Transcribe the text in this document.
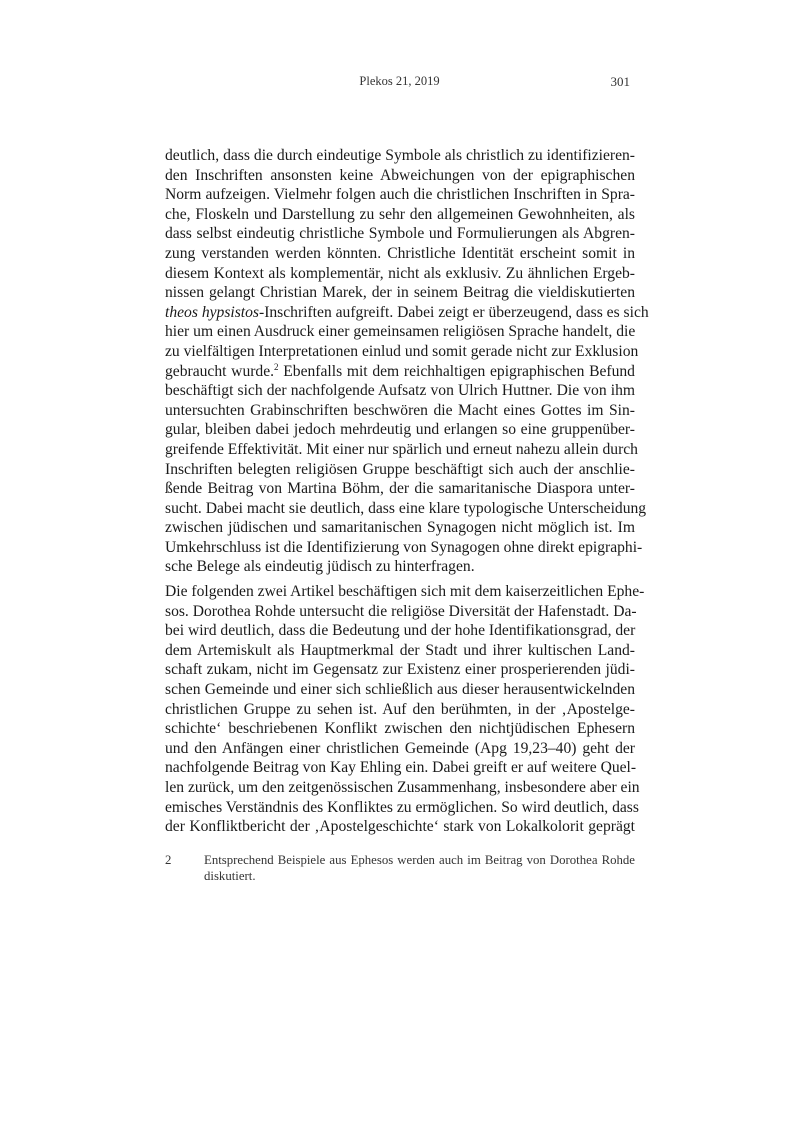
Plekos 21, 2019	301
deutlich, dass die durch eindeutige Symbole als christlich zu identifizieren-
den Inschriften ansonsten keine Abweichungen von der epigraphischen
Norm aufzeigen. Vielmehr folgen auch die christlichen Inschriften in Spra-
che, Floskeln und Darstellung zu sehr den allgemeinen Gewohnheiten, als
dass selbst eindeutig christliche Symbole und Formulierungen als Abgren-
zung verstanden werden könnten. Christliche Identität erscheint somit in
diesem Kontext als komplementär, nicht als exklusiv. Zu ähnlichen Ergeb-
nissen gelangt Christian Marek, der in seinem Beitrag die vieldiskutierten
theos hypsistos-Inschriften aufgreift. Dabei zeigt er überzeugend, dass es sich
hier um einen Ausdruck einer gemeinsamen religiösen Sprache handelt, die
zu vielfältigen Interpretationen einlud und somit gerade nicht zur Exklusion
gebraucht wurde.$^2$ Ebenfalls mit dem reichhaltigen epigraphischen Befund
beschäftigt sich der nachfolgende Aufsatz von Ulrich Huttner. Die von ihm
untersuchten Grabinschriften beschwören die Macht eines Gottes im Sin-
gular, bleiben dabei jedoch mehrdeutig und erlangen so eine gruppenüber-
greifende Effektivität. Mit einer nur spärlich und erneut nahezu allein durch
Inschriften belegten religiösen Gruppe beschäftigt sich auch der anschlie-
ßende Beitrag von Martina Böhm, der die samaritanische Diaspora unter-
sucht. Dabei macht sie deutlich, dass eine klare typologische Unterscheidung
zwischen jüdischen und samaritanischen Synagogen nicht möglich ist. Im
Umkehrschluss ist die Identifizierung von Synagogen ohne direkt epigraphi-
sche Belege als eindeutig jüdisch zu hinterfragen.
Die folgenden zwei Artikel beschäftigen sich mit dem kaiserzeitlichen Ephe-
sos. Dorothea Rohde untersucht die religiöse Diversität der Hafenstadt. Da-
bei wird deutlich, dass die Bedeutung und der hohe Identifikationsgrad, der
dem Artemiskult als Hauptmerkmal der Stadt und ihrer kultischen Land-
schaft zukam, nicht im Gegensatz zur Existenz einer prosperierenden jüdi-
schen Gemeinde und einer sich schließlich aus dieser herausentwickelnden
christlichen Gruppe zu sehen ist. Auf den berühmten, in der ‚Apostelge-
schichte‘ beschriebenen Konflikt zwischen den nichtjüdischen Ephesern
und den Anfängen einer christlichen Gemeinde (Apg 19,23–40) geht der
nachfolgende Beitrag von Kay Ehling ein. Dabei greift er auf weitere Quel-
len zurück, um den zeitgenössischen Zusammenhang, insbesondere aber ein
emisches Verständnis des Konfliktes zu ermöglichen. So wird deutlich, dass
der Konfliktbericht der ‚Apostelgeschichte‘ stark von Lokalkolorit geprägt
2	Entsprechend Beispiele aus Ephesos werden auch im Beitrag von Dorothea Rohde
diskutiert.
